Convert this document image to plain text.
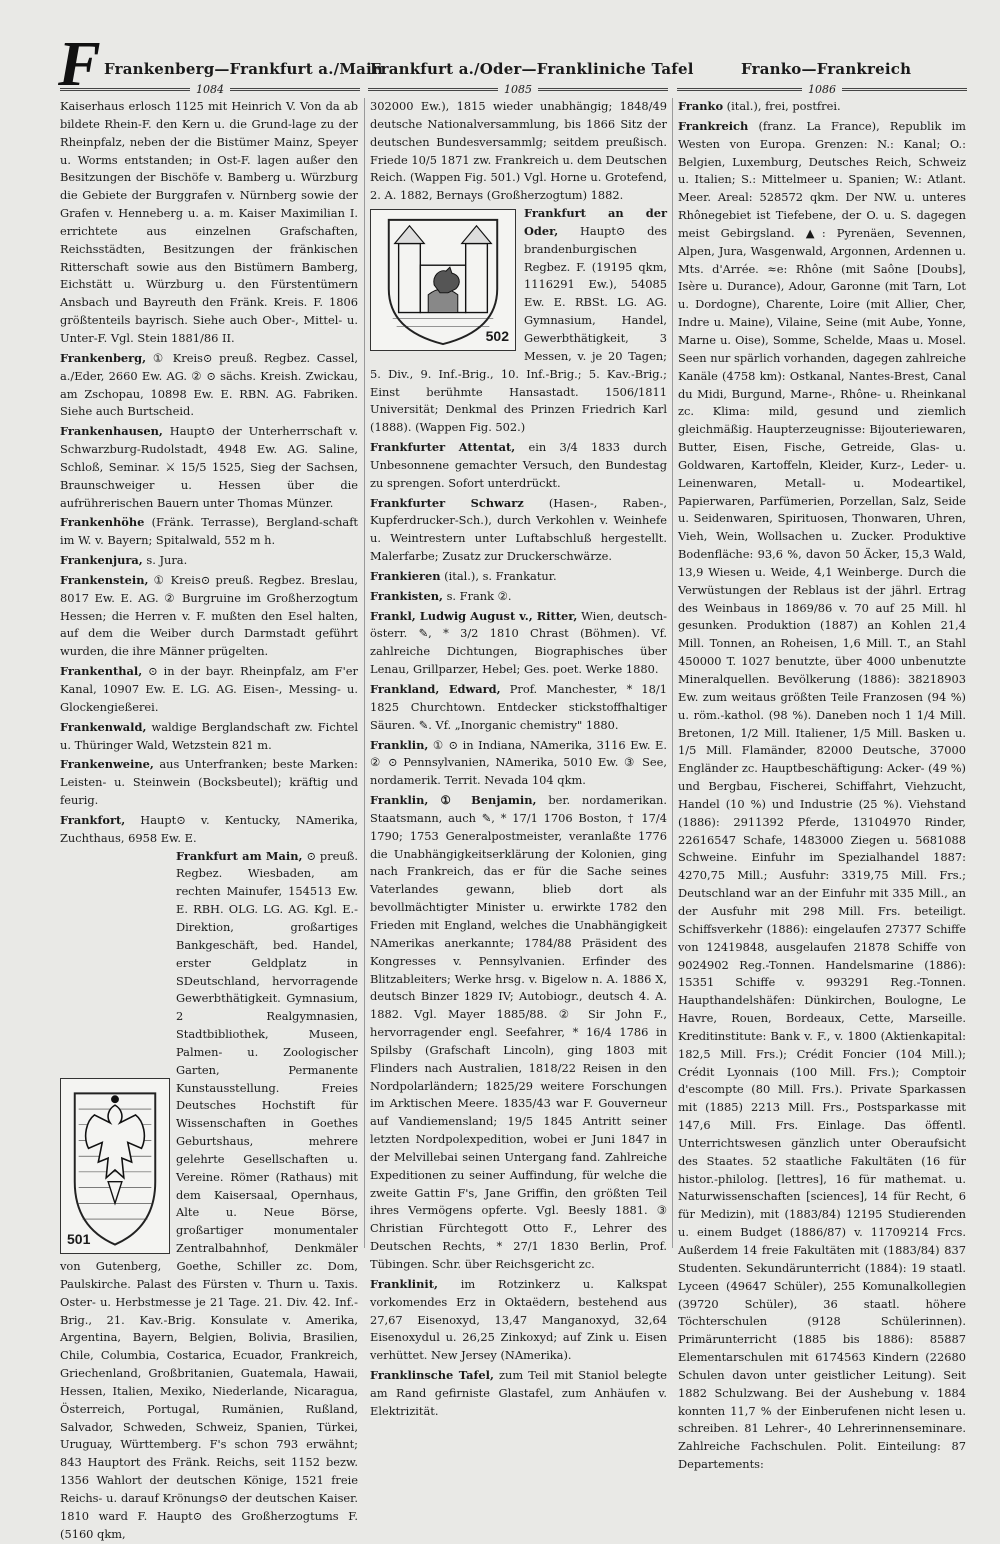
F Frankenberg—Frankfurt a./Main
Frankfurt a./Oder—Frankliniche Tafel	Franko—Frankreich
1084	1085	1086

Kaiserhaus erlosch 1125 mit Heinrich V. Von da ab bildete Rhein-F. den Kern u. die Grund-lage zu der Rheinpfalz, neben der die Bistümer Mainz, Speyer u. Worms entstanden; in Ost-F. lagen außer den Besitzungen der Bischöfe v. Bamberg u. Würzburg die Gebiete der Burggrafen v. Nürnberg sowie der Grafen v. Henneberg u. a. m. Kaiser Maximilian I. errichtete aus einzelnen Grafschaften, Reichsstädten, Besitzungen der fränkischen Ritterschaft sowie aus den Bistümern Bamberg, Eichstätt u. Würzburg u. den Fürstentümern Ansbach und Bayreuth den Fränk. Kreis. F. 1806 größtenteils bayrisch. Siehe auch Ober-, Mittel- u. Unter-F. Vgl. Stein 1881/86 II.

Frankenberg, ① Kreis⊙ preuß. Regbez. Cassel, a./Eder, 2660 Ew. AG. ② ⊙ sächs. Kreish. Zwickau, am Zschopau, 10898 Ew. E. RBN. AG. Fabriken. Siehe auch Burtscheid.

Frankenhausen, Haupt⊙ der Unterherrschaft v. Schwarzburg-Rudolstadt, 4948 Ew. AG. Saline, Schloß, Seminar. ⚔ 15/5 1525, Sieg der Sachsen, Braunschweiger u. Hessen über die aufrührerischen Bauern unter Thomas Münzer.

Frankenhöhe (Fränk. Terrasse), Bergland-schaft im W. v. Bayern; Spitalwald, 552 m h.

Frankenjura, s. Jura.

Frankenstein, ① Kreis⊙ preuß. Regbez. Breslau, 8017 Ew. E. AG. ② Burgruine im Großherzogtum Hessen; die Herren v. F. mußten den Esel halten, auf dem die Weiber durch Darmstadt geführt wurden, die ihre Männer prügelten.

Frankenthal, ⊙ in der bayr. Rheinpfalz, am F'er Kanal, 10907 Ew. E. LG. AG. Eisen-, Messing- u. Glockengießerei.

Frankenwald, waldige Berglandschaft zw. Fichtel u. Thüringer Wald, Wetzstein 821 m.

Frankenweine, aus Unterfranken; beste Marken: Leisten- u. Steinwein (Bocksbeutel); kräftig und feurig.

Frankfort, Haupt⊙ v. Kentucky, NAmerika, Zuchthaus, 6958 Ew. E.

501

Frankfurt am Main, ⊙ preuß. Regbez. Wiesbaden, am rechten Mainufer, 154513 Ew. E. RBH. OLG. LG. AG. Kgl. E.-Direktion, großartiges Bankgeschäft, bed. Handel, erster Geldplatz in SDeutschland, hervorragende Gewerbthätigkeit. Gymnasium, 2 Realgymnasien, Stadtbibliothek, Museen, Palmen- u. Zoologischer Garten, Permanente Kunstausstellung. Freies Deutsches Hochstift für Wissenschaften in Goethes Geburtshaus, mehrere gelehrte Gesellschaften u. Vereine. Römer (Rathaus) mit dem Kaisersaal, Opernhaus, Alte u. Neue Börse, großartiger monumentaler Zentralbahnhof, Denkmäler von Gutenberg, Goethe, Schiller zc. Dom, Paulskirche. Palast des Fürsten v. Thurn u. Taxis. Oster- u. Herbstmesse je 21 Tage. 21. Div. 42. Inf.-Brig., 21. Kav.-Brig. Konsulate v. Amerika, Argentina, Bayern, Belgien, Bolivia, Brasilien, Chile, Columbia, Costarica, Ecuador, Frankreich, Griechenland, Großbritanien, Guatemala, Hawaii, Hessen, Italien, Mexiko, Niederlande, Nicaragua, Österreich, Portugal, Rumänien, Rußland, Salvador, Schweden, Schweiz, Spanien, Türkei, Uruguay, Württemberg. F's schon 793 erwähnt; 843 Hauptort des Fränk. Reichs, seit 1152 bezw. 1356 Wahlort der deutschen Könige, 1521 freie Reichs- u. darauf Krönungs⊙ der deutschen Kaiser. 1810 ward F. Haupt⊙ des Großherzogtums F. (5160 qkm,

302000 Ew.), 1815 wieder unabhängig; 1848/49 deutsche Nationalversammlung, bis 1866 Sitz der deutschen Bundesversammlg; seitdem preußisch. Friede 10/5 1871 zw. Frankreich u. dem Deutschen Reich. (Wappen Fig. 501.) Vgl. Horne u. Grotefend, 2. A. 1882, Bernays (Großherzogtum) 1882.

502

Frankfurt an der Oder, Haupt⊙ des brandenburgischen Regbez. F. (19195 qkm, 1116291 Ew.), 54085 Ew. E. RBSt. LG. AG. Gymnasium, Handel, Gewerbthätigkeit, 3 Messen, v. je 20 Tagen; 5. Div., 9. Inf.-Brig., 10. Inf.-Brig.; 5. Kav.-Brig.; Einst berühmte Hansastadt. 1506/1811 Universität; Denkmal des Prinzen Friedrich Karl (1888). (Wappen Fig. 502.)

Frankfurter Attentat, ein 3/4 1833 durch Unbesonnene gemachter Versuch, den Bundestag zu sprengen. Sofort unterdrückt.

Frankfurter Schwarz (Hasen-, Raben-, Kupferdrucker-Sch.), durch Verkohlen v. Weinhefe u. Weintrestern unter Luftabschluß hergestellt. Malerfarbe; Zusatz zur Druckerschwärze.

Frankieren (ital.), s. Frankatur.

Frankisten, s. Frank ②.

Frankl, Ludwig August v., Ritter, Wien, deutsch-österr. ✎, * 3/2 1810 Chrast (Böhmen). Vf. zahlreiche Dichtungen, Biographisches über Lenau, Grillparzer, Hebel; Ges. poet. Werke 1880.

Frankland, Edward, Prof. Manchester, * 18/1 1825 Churchtown. Entdecker stickstoffhaltiger Säuren. ✎. Vf. „Inorganic chemistry" 1880.

Franklin, ① ⊙ in Indiana, NAmerika, 3116 Ew. E. ② ⊙ Pennsylvanien, NAmerika, 5010 Ew. ③ See, nordamerik. Territ. Nevada 104 qkm.

Franklin, ① Benjamin, ber. nordamerikan. Staatsmann, auch ✎, * 17/1 1706 Boston, † 17/4 1790; 1753 Generalpostmeister, veranlaßte 1776 die Unabhängigkeitserklärung der Kolonien, ging nach Frankreich, das er für die Sache seines Vaterlandes gewann, blieb dort als bevollmächtigter Minister u. erwirkte 1782 den Frieden mit England, welches die Unabhängigkeit NAmerikas anerkannte; 1784/88 Präsident des Kongresses v. Pennsylvanien. Erfinder des Blitzableiters; Werke hrsg. v. Bigelow n. A. 1886 X, deutsch Binzer 1829 IV; Autobiogr., deutsch 4. A. 1882. Vgl. Mayer 1885/88. ② Sir John F., hervorragender engl. Seefahrer, * 16/4 1786 in Spilsby (Grafschaft Lincoln), ging 1803 mit Flinders nach Australien, 1818/22 Reisen in den Nordpolarländern; 1825/29 weitere Forschungen im Arktischen Meere. 1835/43 war F. Gouverneur auf Vandiemensland; 19/5 1845 Antritt seiner letzten Nordpolexpedition, wobei er Juni 1847 in der Melvillebai seinen Untergang fand. Zahlreiche Expeditionen zu seiner Auffindung, für welche die zweite Gattin F's, Jane Griffin, den größten Teil ihres Vermögens opferte. Vgl. Beesly 1881. ③ Christian Fürchtegott Otto F., Lehrer des Deutschen Rechts, * 27/1 1830 Berlin, Prof. Tübingen. Schr. über Reichsgericht zc.

Franklinit, im Rotzinkerz u. Kalkspat vorkomendes Erz in Oktaëdern, bestehend aus 27,67 Eisenoxyd, 13,47 Manganoxyd, 32,64 Eisenoxydul u. 26,25 Zinkoxyd; auf Zink u. Eisen verhüttet. New Jersey (NAmerika).

Franklinsche Tafel, zum Teil mit Staniol belegte am Rand gefirniste Glastafel, zum Anhäufen v. Elektrizität.

Franko (ital.), frei, postfrei.

Frankreich (franz. La France), Republik im Westen von Europa. Grenzen: N.: Kanal; O.: Belgien, Luxemburg, Deutsches Reich, Schweiz u. Italien; S.: Mittelmeer u. Spanien; W.: Atlant. Meer. Areal: 528572 qkm. Der NW. u. unteres Rhônegebiet ist Tiefebene, der O. u. S. dagegen meist Gebirgsland. ▲: Pyrenäen, Sevennen, Alpen, Jura, Wasgenwald, Argonnen, Ardennen u. Mts. d'Arrée. ≈e: Rhône (mit Saône [Doubs], Isère u. Durance), Adour, Garonne (mit Tarn, Lot u. Dordogne), Charente, Loire (mit Allier, Cher, Indre u. Maine), Vilaine, Seine (mit Aube, Yonne, Marne u. Oise), Somme, Schelde, Maas u. Mosel. Seen nur spärlich vorhanden, dagegen zahlreiche Kanäle (4758 km): Ostkanal, Nantes-Brest, Canal du Midi, Burgund, Marne-, Rhône- u. Rheinkanal zc. Klima: mild, gesund und ziemlich gleichmäßig. Haupterzeugnisse: Bijouteriewaren, Butter, Eisen, Fische, Getreide, Glas- u. Goldwaren, Kartoffeln, Kleider, Kurz-, Leder- u. Leinenwaren, Metall- u. Modeartikel, Papierwaren, Parfümerien, Porzellan, Salz, Seide u. Seidenwaren, Spirituosen, Thonwaren, Uhren, Vieh, Wein, Wollsachen u. Zucker. Produktive Bodenfläche: 93,6 %, davon 50 Äcker, 15,3 Wald, 13,9 Wiesen u. Weide, 4,1 Weinberge. Durch die Verwüstungen der Reblaus ist der jährl. Ertrag des Weinbaus in 1869/86 v. 70 auf 25 Mill. hl gesunken. Produktion (1887) an Kohlen 21,4 Mill. Tonnen, an Roheisen, 1,6 Mill. T., an Stahl 450000 T. 1027 benutzte, über 4000 unbenutzte Mineralquellen. Bevölkerung (1886): 38218903 Ew. zum weitaus größten Teile Franzosen (94 %) u. röm.-kathol. (98 %). Daneben noch 1 1/4 Mill. Bretonen, 1/2 Mill. Italiener, 1/5 Mill. Basken u. 1/5 Mill. Flamänder, 82000 Deutsche, 37000 Engländer zc. Hauptbeschäftigung: Acker- (49 %) und Bergbau, Fischerei, Schiffahrt, Viehzucht, Handel (10 %) und Industrie (25 %). Viehstand (1886): 2911392 Pferde, 13104970 Rinder, 22616547 Schafe, 1483000 Ziegen u. 5681088 Schweine. Einfuhr im Spezialhandel 1887: 4270,75 Mill.; Ausfuhr: 3319,75 Mill. Frs.; Deutschland war an der Einfuhr mit 335 Mill., an der Ausfuhr mit 298 Mill. Frs. beteiligt. Schiffsverkehr (1886): eingelaufen 27377 Schiffe von 12419848, ausgelaufen 21878 Schiffe von 9024902 Reg.-Tonnen. Handelsmarine (1886): 15351 Schiffe v. 993291 Reg.-Tonnen. Haupthandelshäfen: Dünkirchen, Boulogne, Le Havre, Rouen, Bordeaux, Cette, Marseille. Kreditinstitute: Bank v. F., v. 1800 (Aktienkapital: 182,5 Mill. Frs.); Crédit Foncier (104 Mill.); Crédit Lyonnais (100 Mill. Frs.); Comptoir d'escompte (80 Mill. Frs.). Private Sparkassen mit (1885) 2213 Mill. Frs., Postsparkasse mit 147,6 Mill. Frs. Einlage. Das öffentl. Unterrichtswesen gänzlich unter Oberaufsicht des Staates. 52 staatliche Fakultäten (16 für histor.-philolog. [lettres], 16 für mathemat. u. Naturwissenschaften [sciences], 14 für Recht, 6 für Medizin), mit (1883/84) 12195 Studierenden u. einem Budget (1886/87) v. 11709214 Frcs. Außerdem 14 freie Fakultäten mit (1883/84) 837 Studenten. Sekundärunterricht (1884): 19 staatl. Lyceen (49647 Schüler), 255 Komunalkollegien (39720 Schüler), 36 staatl. höhere Töchterschulen (9128 Schülerinnen). Primärunterricht (1885 bis 1886): 85887 Elementarschulen mit 6174563 Kindern (22680 Schulen davon unter geistlicher Leitung). Seit 1882 Schulzwang. Bei der Aushebung v. 1884 konnten 11,7 % der Einberufenen nicht lesen u. schreiben. 81 Lehrer-, 40 Lehrerinnenseminare. Zahlreiche Fachschulen. Polit. Einteilung: 87 Departements:
